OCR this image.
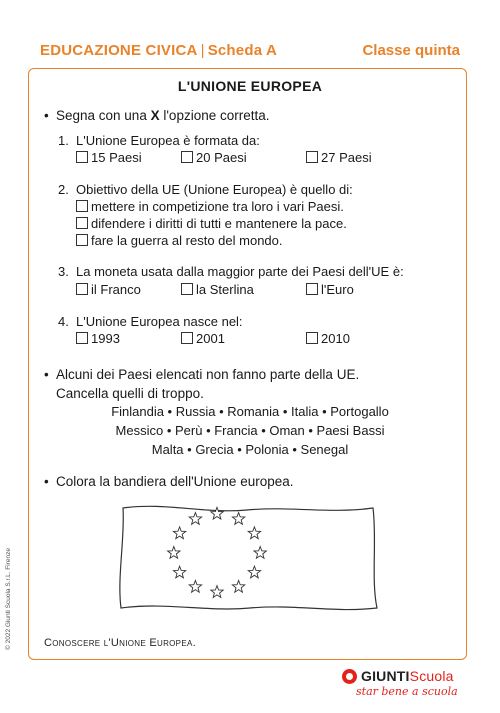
EDUCAZIONE CIVICA | Scheda A	Classe quinta
L'UNIONE EUROPEA
• Segna con una X l'opzione corretta.
1. L'Unione Europea è formata da:
15 Paesi	20 Paesi	27 Paesi
2. Obiettivo della UE (Unione Europea) è quello di:
mettere in competizione tra loro i vari Paesi.
difendere i diritti di tutti e mantenere la pace.
fare la guerra al resto del mondo.
3. La moneta usata dalla maggior parte dei Paesi dell'UE è:
il Franco	la Sterlina	l'Euro
4. L'Unione Europea nasce nel:
1993	2001	2010
• Alcuni dei Paesi elencati non fanno parte della UE.
Cancella quelli di troppo.
Finlandia • Russia • Romania • Italia • Portogallo
Messico • Perù • Francia • Oman • Paesi Bassi
Malta • Grecia • Polonia • Senegal
• Colora la bandiera dell'Unione europea.
Conoscere l'Unione Europea.
© 2022 Giunti Scuola S.r.L. Firenze
GIUNTIScuola
star bene a scuola
